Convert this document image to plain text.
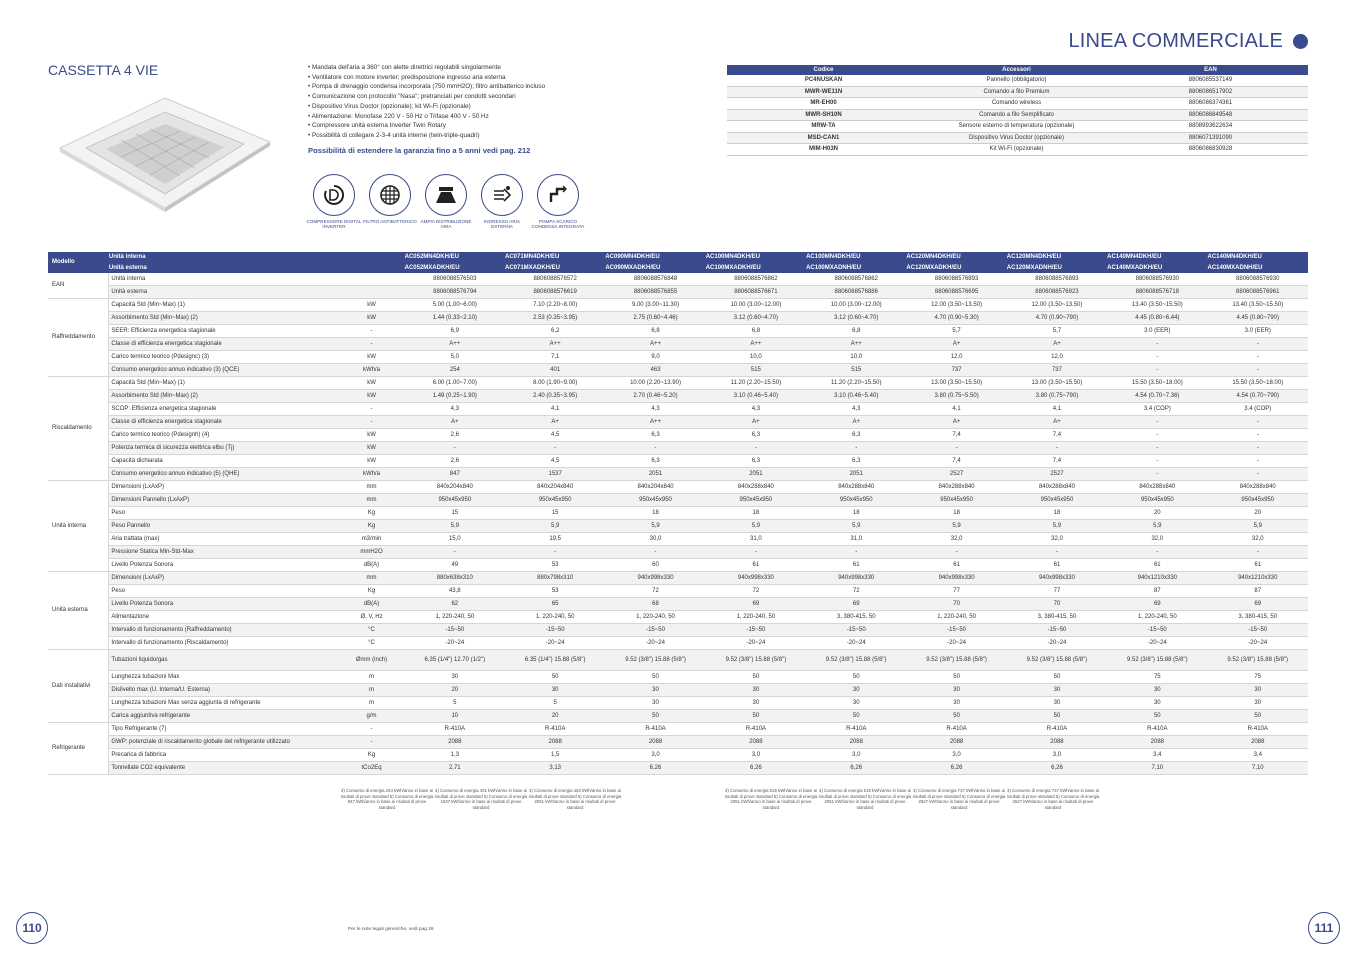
LINEA COMMERCIALE
CASSETTA 4 VIE	• Mandata dell'aria a 360° con alette direttrici regolabili singolarmente
• Ventilatore con motore inverter; predisposizione ingresso aria esterna
• Pompa di drenaggio condensa incorporata (750 mmH2O); filtro antibatterico incluso
• Comunicazione con protocollo "Nasa"; pretranciati per condotti secondari
• Dispositivo Virus Doctor (opzionale); kit Wi-Fi (opzionale)
• Alimentazione: Monofase 220 V - 50 Hz o Trifase 400 V - 50 Hz
• Compressore unità esterna Inverter Twin Rotary
• Possibilità di collegare 2-3-4 unità interne (twin-triple-quadri)
Possibilità di estendere la garanzia fino a 5 anni vedi pag. 212
COMPRESSORE DIGITAL INVERTER
FILTRO ANTIBATTERICO AMPIA DISTRIBUZIONE ARIA
INGRESSO ARIA ESTERNA
POMPA SCARICO CONDENSA INTEGRATA
Codice	Accessori	EAN
PC4NUSKAN	Pannello (obbligatorio)	8806085537149
MWR-WE11N	Comando a filo Premium	8806086517902
MR-EH00	Comando wireless	8806086374361
MWR-SH10N	Comando a filo Semplificato	8806086849548
MRW-TA	Sensore esterno di temperatura (opzionale)	8808993622634
MSD-CAN1	Dispositivo Virus Doctor (opzionale)	8806071391090
MIM-H03N	Kit Wi-Fi (opzionale)	8806086830928
Modello	Unità interna		AC052MN4DKH/EU	AC071MN4DKH/EU	AC090MN4DKH/EU	AC100MN4DKH/EU	AC100MN4DKH/EU	AC120MN4DKH/EU	AC120MN4DKH/EU	AC140MN4DKH/EU	AC140MN4DKH/EU
	Unità esterna		AC052MXADKH/EU	AC071MXADKH/EU	AC090MXADKH/EU	AC100MXADKH/EU	AC100MXADNH/EU	AC120MXADKH/EU	AC120MXADNH/EU	AC140MXADKH/EU	AC140MXADNH/EU
EAN	Unità interna		8806088576503	8806088576572	8806088576848	8806088576862	8806088576862	8806088576893	8806088576893	8806088576930	8806088576930
	Unità esterna		8806088576794	8806088576619	8806088576855	8806088576671	8806088576886	8806088576695	8806088576923	8806088576718	8806088576961
Raffreddamento	Capacità Std (Min~Max) (1)	kW	5.00 (1.00~6.00)	7.10 (2.20~8.00)	9.00 (3.00~11.30)	10.00 (3.00~12.00)	10.00 (3.00~12.00)	12.00 (3.50~13.50)	12.00 (3.50~13.50)	13.40 (3.50~15.50)	13.40 (3.50~15.50)
	Assorbimento Std (Min~Max) (2)	kW	1.44 (0.33~2.10)	2.53 (0.35~3.95)	2.75 (0.60~4.46)	3.12 (0.60~4.70)	3.12 (0.60~4.70)	4.70 (0.90~5.30)	4.70 (0.90~790)	4.45 (0.80~6.44)	4.45 (0.80~790)
	SEER: Efficienza energetica stagionale	-	6,9	6,2	6,8	6,8	6,8	5,7	5,7	3.0 (EER)	3.0 (EER)
	Classe di efficienza energetica stagionale	-	A++	A++	A++	A++	A++	A+	A+	-	-
	Carico termico teorico (Pdesignc) (3)	kW	5,0	7,1	9,0	10,0	10,0	12,0	12,0	-	-
	Consumo energetico annuo indicativo (3) (QCE)	kWh/a	254	401	463	515	515	737	737	-	-
Riscaldamento	Capacità Std (Min~Max) (1)	kW	6.00 (1.00~7.00)	8.00 (1.90~9.00)	10.00 (2.20~13.90)	11.20 (2.20~15.50)	11.20 (2.20~15.50)	13.00 (3.50~15.50)	13.00 (3.50~15.50)	15.50 (3.50~18.00)	15.50 (3.50~18.00)
	Assorbimento Std (Min~Max) (2)	kW	1.49 (0.25~1.90)	2.40 (0.35~3.95)	2.70 (0.46~5.20)	3.10 (0.46~5.40)	3.10 (0.46~5.40)	3.80 (0.75~5.50)	3.80 (0.75~790)	4.54 (0.70~7.36)	4.54 (0.70~790)
	SCOP: Efficienza energetica stagionale	-	4,3	4,1	4,3	4,3	4,3	4,1	4,1	3.4 (COP)	3.4 (COP)
	Classe di efficienza energetica stagionale	-	A+	A+	A++	A+	A+	A+	A+	-	-
	Carico termico teorico (Pdesignh) (4)	kW	2,6	4,5	6,3	6,3	6,3	7,4	7,4	-	-
	Potenza termica di sicurezza elettrica elbu (Tj)	kW	-	-	-	-	-	-	-	-	-
	Capacità dichiarata	kW	2,6	4,5	6,3	6,3	6,3	7,4	7,4	-	-
	Consumo energetico annuo indicativo (5) (QHE)	kWh/a	847	1537	2051	2051	2051	2527	2527	-	-
Unità interna	Dimensioni (LxAxP)	mm	840x204x840	840x204x840	840x204x840	840x288x840	840x288x840	840x288x840	840x288x840	840x288x840	840x288x840
	Dimensioni Pannello (LxAxP)	mm	950x45x950	950x45x950	950x45x950	950x45x950	950x45x950	950x45x950	950x45x950	950x45x950	950x45x950
	Peso	Kg	15	15	18	18	18	18	18	20	20
	Peso Pannello	Kg	5,9	5,9	5,9	5,9	5,9	5,9	5,9	5,9	5,9
	Aria trattata (max)	m3/min	15,0	19,5	30,0	31,0	31,0	32,0	32,0	32,0	32,0
	Pressione Statica Min-Std-Max	mmH2O	-	-	-	-	-	-	-	-	-
	Livello Potenza Sonora	dB(A)	49	53	60	61	61	61	61	61	61
Unità esterna	Dimensioni (LxAxP)	mm	880x638x310	880x798x310	940x998x330	940x998x330	940x998x330	940x998x330	940x998x330	940x1210x330	940x1210x330
	Peso	Kg	43,8	53	72	72	72	77	77	87	87
	Livello Potenza Sonora	dB(A)	62	65	68	69	69	70	70	69	69
	Alimentazione	Ø, V, Hz	1, 220-240, 50	1, 220-240, 50	1, 220-240, 50	1, 220-240, 50	3, 380-415, 50	1, 220-240, 50	3, 380-415, 50	1, 220-240, 50	3, 380-415, 50
	Intervallo di funzionamento (Raffreddamento)	°C	-15~50	-15~50	-15~50	-15~50	-15~50	-15~50	-15~50	-15~50	-15~50
	Intervallo di funzionamento (Riscaldamento)	°C	-20~24	-20~24	-20~24	-20~24	-20~24	-20~24	-20~24	-20~24	-20~24
Dati installativi	Tubazioni liquido/gas	Ømm (inch)	6.35 (1/4") 12.70 (1/2")	6.35 (1/4") 15.88 (5/8")	9.52 (3/8") 15.88 (5/8")	9.52 (3/8") 15.88 (5/8")	9.52 (3/8") 15.88 (5/8")	9.52 (3/8") 15.88 (5/8")	9.52 (3/8") 15.88 (5/8")	9.52 (3/8") 15.88 (5/8")	9.52 (3/8") 15.88 (5/8")
	Lunghezza tubazioni Max	m	30	50	50	50	50	50	50	75	75
	Dislivello max (U. Interna/U. Esterna)	m	20	30	30	30	30	30	30	30	30
	Lunghezza tubazioni Max senza aggiunta di refrigerante	m	5	5	30	30	30	30	30	30	30
	Carica aggiuntiva refrigerante	g/m	10	20	50	50	50	50	50	50	50
Refrigerante	Tipo Refrigerante (7)	-	R-410A	R-410A	R-410A	R-410A	R-410A	R-410A	R-410A	R-410A	R-410A
	GWP: potenziale di riscaldamento globale del refrigerante utilizzato	-	2088	2088	2088	2088	2088	2088	2088	2088	2088
	Precarica di fabbrica	Kg	1,3	1,5	3,0	3,0	3,0	3,0	3,0	3,4	3,4
	Tonnellate CO2 equivalente	tCo2Eq	2,71	3,13	6,26	6,26	6,26	6,26	6,26	7,10	7,10
3) Consumo di energia 254 kWh/anno in base ai risultati di prove standard 5) Consumo di energia 847 kWh/anno in base ai risultati di prove standard
3) Consumo di energia 401 kWh/anno in base ai risultati di prove standard 5) Consumo di energia 1537 kWh/anno in base ai risultati di prove standard
3) Consumo di energia 463 kWh/anno in base ai risultati di prove standard 5) Consumo di energia 2051 kWh/anno in base ai risultati di prove standard
3) Consumo di energia 515 kWh/anno in base ai risultati di prove standard 5) Consumo di energia 2051 kWh/anno in base ai risultati di prove standard
3) Consumo di energia 515 kWh/anno in base ai risultati di prove standard 5) Consumo di energia 2051 kWh/anno in base ai risultati di prove standard
3) Consumo di energia 737 kWh/anno in base ai risultati di prove standard 5) Consumo di energia 2527 kWh/anno in base ai risultati di prove standard
3) Consumo di energia 737 kWh/anno in base ai risultati di prove standard 5) Consumo di energia 2527 kWh/anno in base ai risultati di prove standard
Per le note legali generiche, vedi pag 26
110	111
